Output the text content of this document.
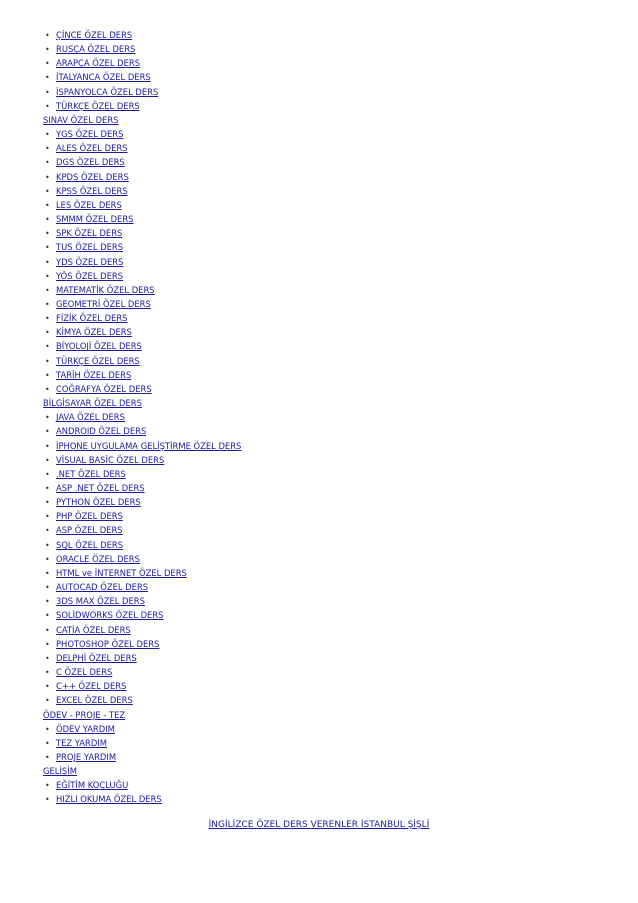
• ÇİNCE ÖZEL DERS
• RUSÇA ÖZEL DERS
• ARAPÇA ÖZEL DERS
• İTALYANCA ÖZEL DERS
• İSPANYOLCA ÖZEL DERS
• TÜRKÇE ÖZEL DERS
SINAV ÖZEL DERS
• YGS ÖZEL DERS
• ALES ÖZEL DERS
• DGS ÖZEL DERS
• KPDS ÖZEL DERS
• KPSS ÖZEL DERS
• LES ÖZEL DERS
• SMMM ÖZEL DERS
• SPK ÖZEL DERS
• TUS ÖZEL DERS
• YDS ÖZEL DERS
• YÖS ÖZEL DERS
• MATEMATİK ÖZEL DERS
• GEOMETRİ ÖZEL DERS
• FİZİK ÖZEL DERS
• KİMYA ÖZEL DERS
• BİYOLOJİ ÖZEL DERS
• TÜRKÇE ÖZEL DERS
• TARİH ÖZEL DERS
• COĞRAFYA ÖZEL DERS
BİLGİSAYAR ÖZEL DERS
• JAVA ÖZEL DERS
• ANDROID ÖZEL DERS
• İPHONE UYGULAMA GELİŞTİRME ÖZEL DERS
• VİSUAL BASİC ÖZEL DERS
• .NET ÖZEL DERS
• ASP .NET ÖZEL DERS
• PYTHON ÖZEL DERS
• PHP ÖZEL DERS
• ASP ÖZEL DERS
• SQL ÖZEL DERS
• ORACLE ÖZEL DERS
• HTML ve İNTERNET ÖZEL DERS
• AUTOCAD ÖZEL DERS
• 3DS MAX ÖZEL DERS
• SOLİDWORKS ÖZEL DERS
• CATİA ÖZEL DERS
• PHOTOSHOP ÖZEL DERS
• DELPHİ ÖZEL DERS
• C ÖZEL DERS
• C++ ÖZEL DERS
• EXCEL ÖZEL DERS
ÖDEV - PROJE - TEZ
• ÖDEV YARDIM
• TEZ YARDIM
• PROJE YARDIM
GELİŞİM
• EĞİTİM KOÇLUĞU
• HIZLI OKUMA ÖZEL DERS
İNGİLİZCE ÖZEL DERS VERENLER İSTANBUL ŞİŞLİ
